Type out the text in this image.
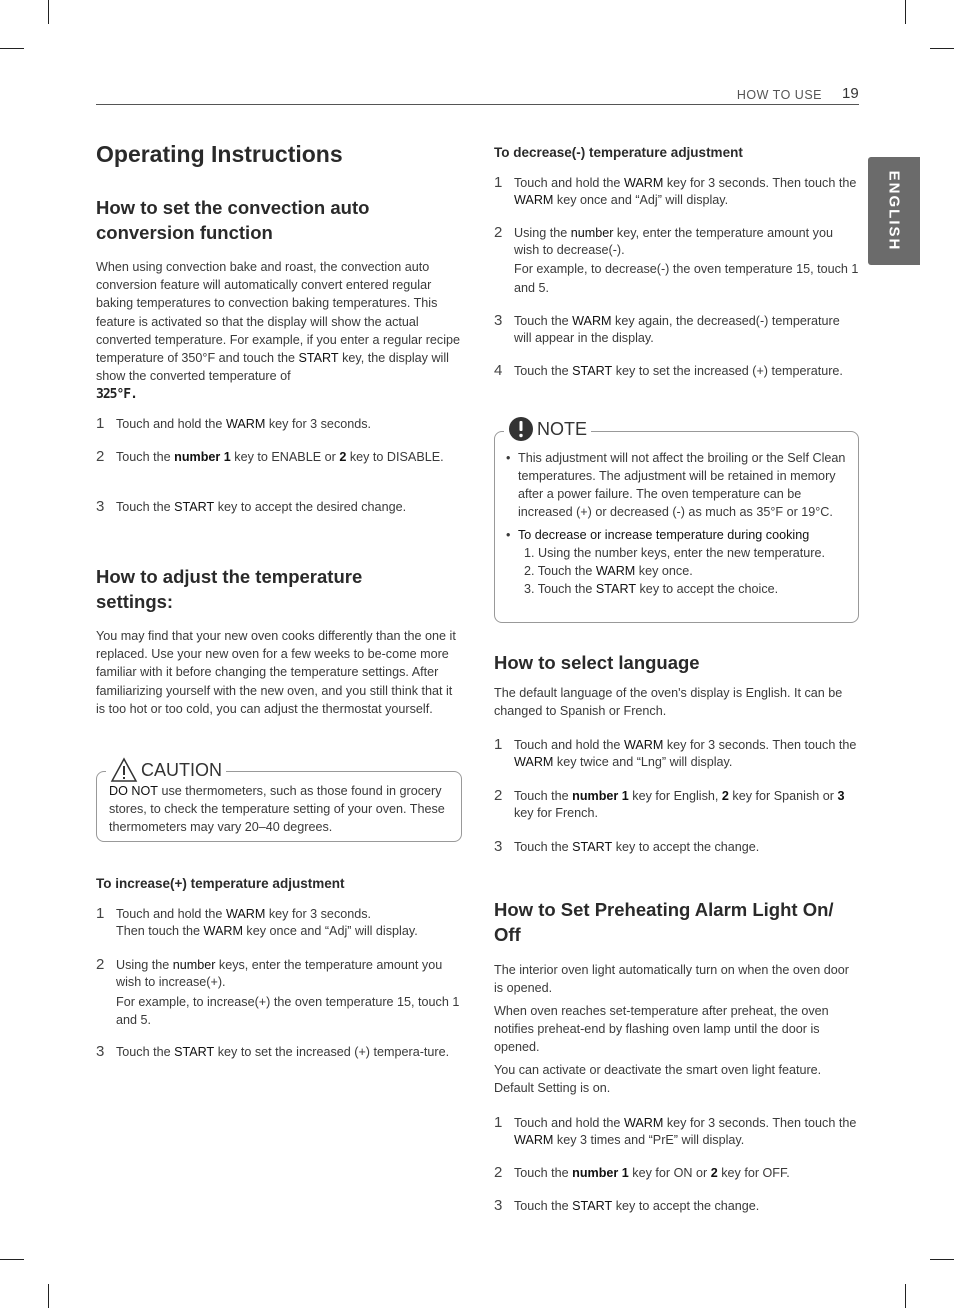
HOW TO USE 19
ENGLISH
Operating Instructions
How to set the convection auto conversion function
When using convection bake and roast, the convection auto conversion feature will automatically convert entered regular baking temperatures to convection baking temperatures. This feature is activated so that the display will show the actual converted temperature. For example, if you enter a regular recipe temperature of 350°F and touch the START key, the display will show the converted temperature of
325°F.
1 Touch and hold the WARM key for 3 seconds.
2 Touch the number 1 key to ENABLE or 2 key to DISABLE.
3 Touch the START key to accept the desired change.
How to adjust the temperature settings:
You may find that your new oven cooks differently than the one it replaced. Use your new oven for a few weeks to be-come more familiar with it before changing the temperature settings. After familiarizing yourself with the new oven, and you still think that it is too hot or too cold, you can adjust the thermostat yourself.
CAUTION
DO NOT use thermometers, such as those found in grocery stores, to check the temperature setting of your oven. These thermometers may vary 20–40 degrees.
To increase(+) temperature adjustment
1 Touch and hold the WARM key for 3 seconds.
Then touch the WARM key once and “Adj” will display.
2 Using the number keys, enter the temperature amount you wish to increase(+).
For example, to increase(+) the oven temperature 15, touch 1 and 5.
3 Touch the START key to set the increased (+) tempera-ture.
To decrease(-) temperature adjustment
1 Touch and hold the WARM key for 3 seconds. Then touch the WARM key once and “Adj” will display.
2 Using the number key, enter the temperature amount you wish to decrease(-).
For example, to decrease(-) the oven temperature 15, touch 1 and 5.
3 Touch the WARM key again, the decreased(-) temperature will appear in the display.
4 Touch the START key to set the increased (+) temperature.
NOTE
• This adjustment will not affect the broiling or the Self Clean temperatures. The adjustment will be retained in memory after a power failure. The oven temperature can be increased (+) or decreased (-) as much as 35°F or 19°C.
• To decrease or increase temperature during cooking
1. Using the number keys, enter the new temperature.
2. Touch the WARM key once.
3. Touch the START key to accept the choice.
How to select language
The default language of the oven's display is English. It can be changed to Spanish or French.
1 Touch and hold the WARM key for 3 seconds. Then touch the WARM key twice and “Lng” will display.
2 Touch the number 1 key for English, 2 key for Spanish or 3 key for French.
3 Touch the START key to accept the change.
How to Set Preheating Alarm Light On/ Off
The interior oven light automatically turn on when the oven door is opened.
When oven reaches set-temperature after preheat, the oven notifies preheat-end by flashing oven lamp until the door is opened.
You can activate or deactivate the smart oven light feature. Default Setting is on.
1 Touch and hold the WARM key for 3 seconds. Then touch the WARM key 3 times and “PrE” will display.
2 Touch the number 1 key for ON or 2 key for OFF.
3 Touch the START key to accept the change.
